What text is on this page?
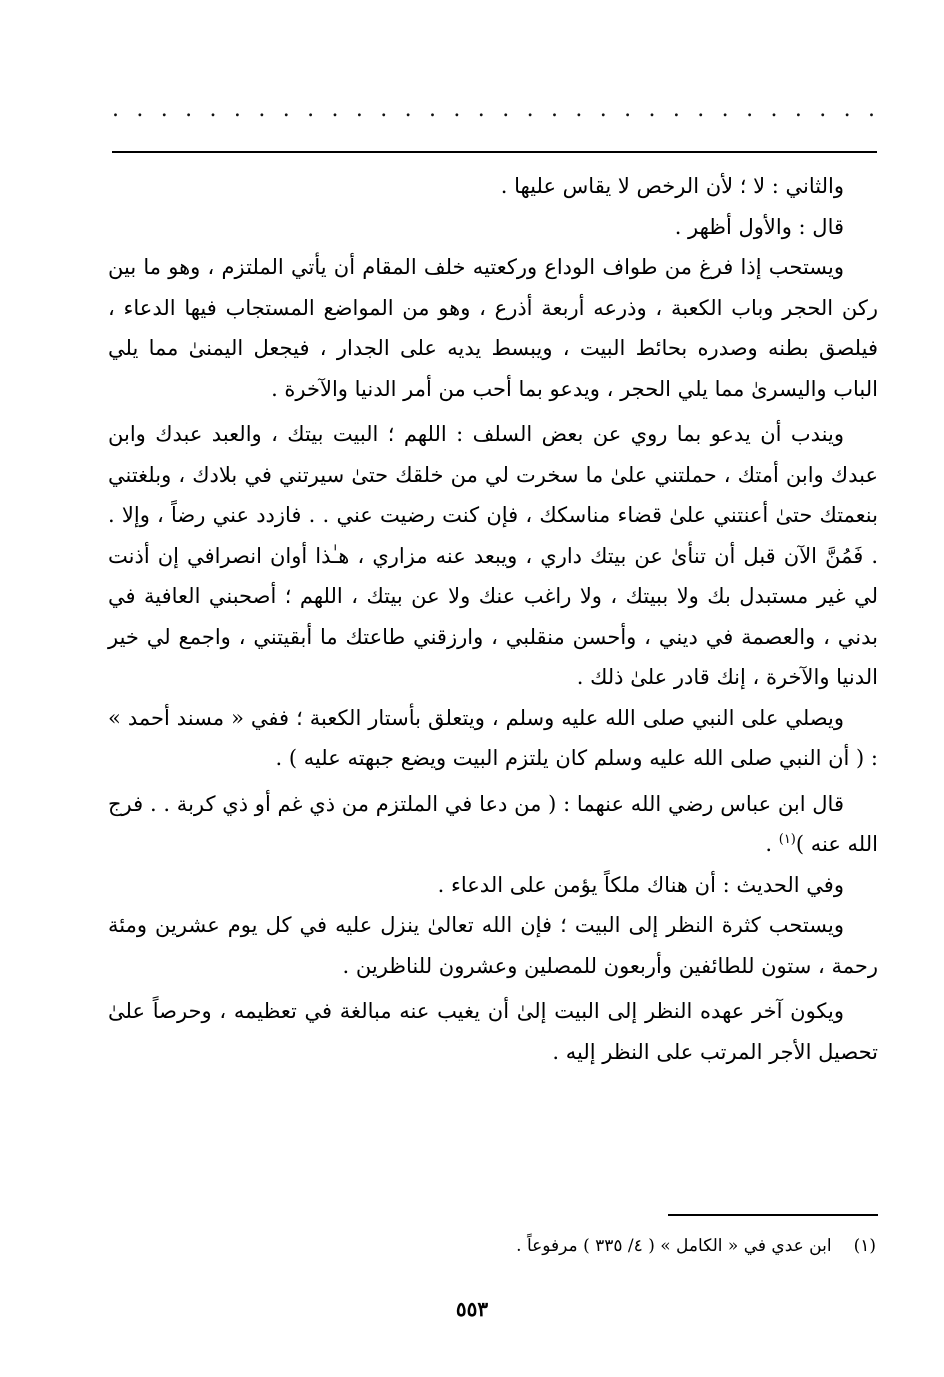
. . . . . . . . . . . . . . . . . . . . . . . . . . . . . . . .

والثاني : لا ؛ لأن الرخص لا يقاس عليها .

قال : والأول أظهر .

ويستحب إذا فرغ من طواف الوداع وركعتيه خلف المقام أن يأتي الملتزم ، وهو ما بين ركن الحجر وباب الكعبة ، وذرعه أربعة أذرع ، وهو من المواضع المستجاب فيها الدعاء ، فيلصق بطنه وصدره بحائط البيت ، ويبسط يديه على الجدار ، فيجعل اليمنىٰ مما يلي الباب واليسرىٰ مما يلي الحجر ، ويدعو بما أحب من أمر الدنيا والآخرة .

ويندب أن يدعو بما روي عن بعض السلف : اللهم ؛ البيت بيتك ، والعبد عبدك وابن عبدك وابن أمتك ، حملتني علىٰ ما سخرت لي من خلقك حتىٰ سيرتني في بلادك ، وبلغتني بنعمتك حتىٰ أعنتني علىٰ قضاء مناسكك ، فإن كنت رضيت عني . . فازدد عني رضاً ، وإلا . . فَمُنَّ الآن قبل أن تنأىٰ عن بيتك داري ، ويبعد عنه مزاري ، هـٰذا أوان انصرافي إن أذنت لي غير مستبدل بك ولا ببيتك ، ولا راغب عنك ولا عن بيتك ، اللهم ؛ أصحبني العافية في بدني ، والعصمة في ديني ، وأحسن منقلبي ، وارزقني طاعتك ما أبقيتني ، واجمع لي خير الدنيا والآخرة ، إنك قادر علىٰ ذلك .

ويصلي على النبي صلى الله عليه وسلم ، ويتعلق بأستار الكعبة ؛ ففي « مسند أحمد » : ( أن النبي صلى الله عليه وسلم كان يلتزم البيت ويضع جبهته عليه ) .

قال ابن عباس رضي الله عنهما : ( من دعا في الملتزم من ذي غم أو ذي كربة . . فرج الله عنه )$^{(١)}$ .

وفي الحديث : أن هناك ملكاً يؤمن على الدعاء .

ويستحب كثرة النظر إلى البيت ؛ فإن الله تعالىٰ ينزل عليه في كل يوم عشرين ومئة رحمة ، ستون للطائفين وأربعون للمصلين وعشرون للناظرين .

ويكون آخر عهده النظر إلى البيت إلىٰ أن يغيب عنه مبالغة في تعظيمه ، وحرصاً علىٰ تحصيل الأجر المرتب على النظر إليه .

(١)ابن عدي في « الكامل » ( ٤/ ٣٣٥ ) مرفوعاً .
٥٥٣
